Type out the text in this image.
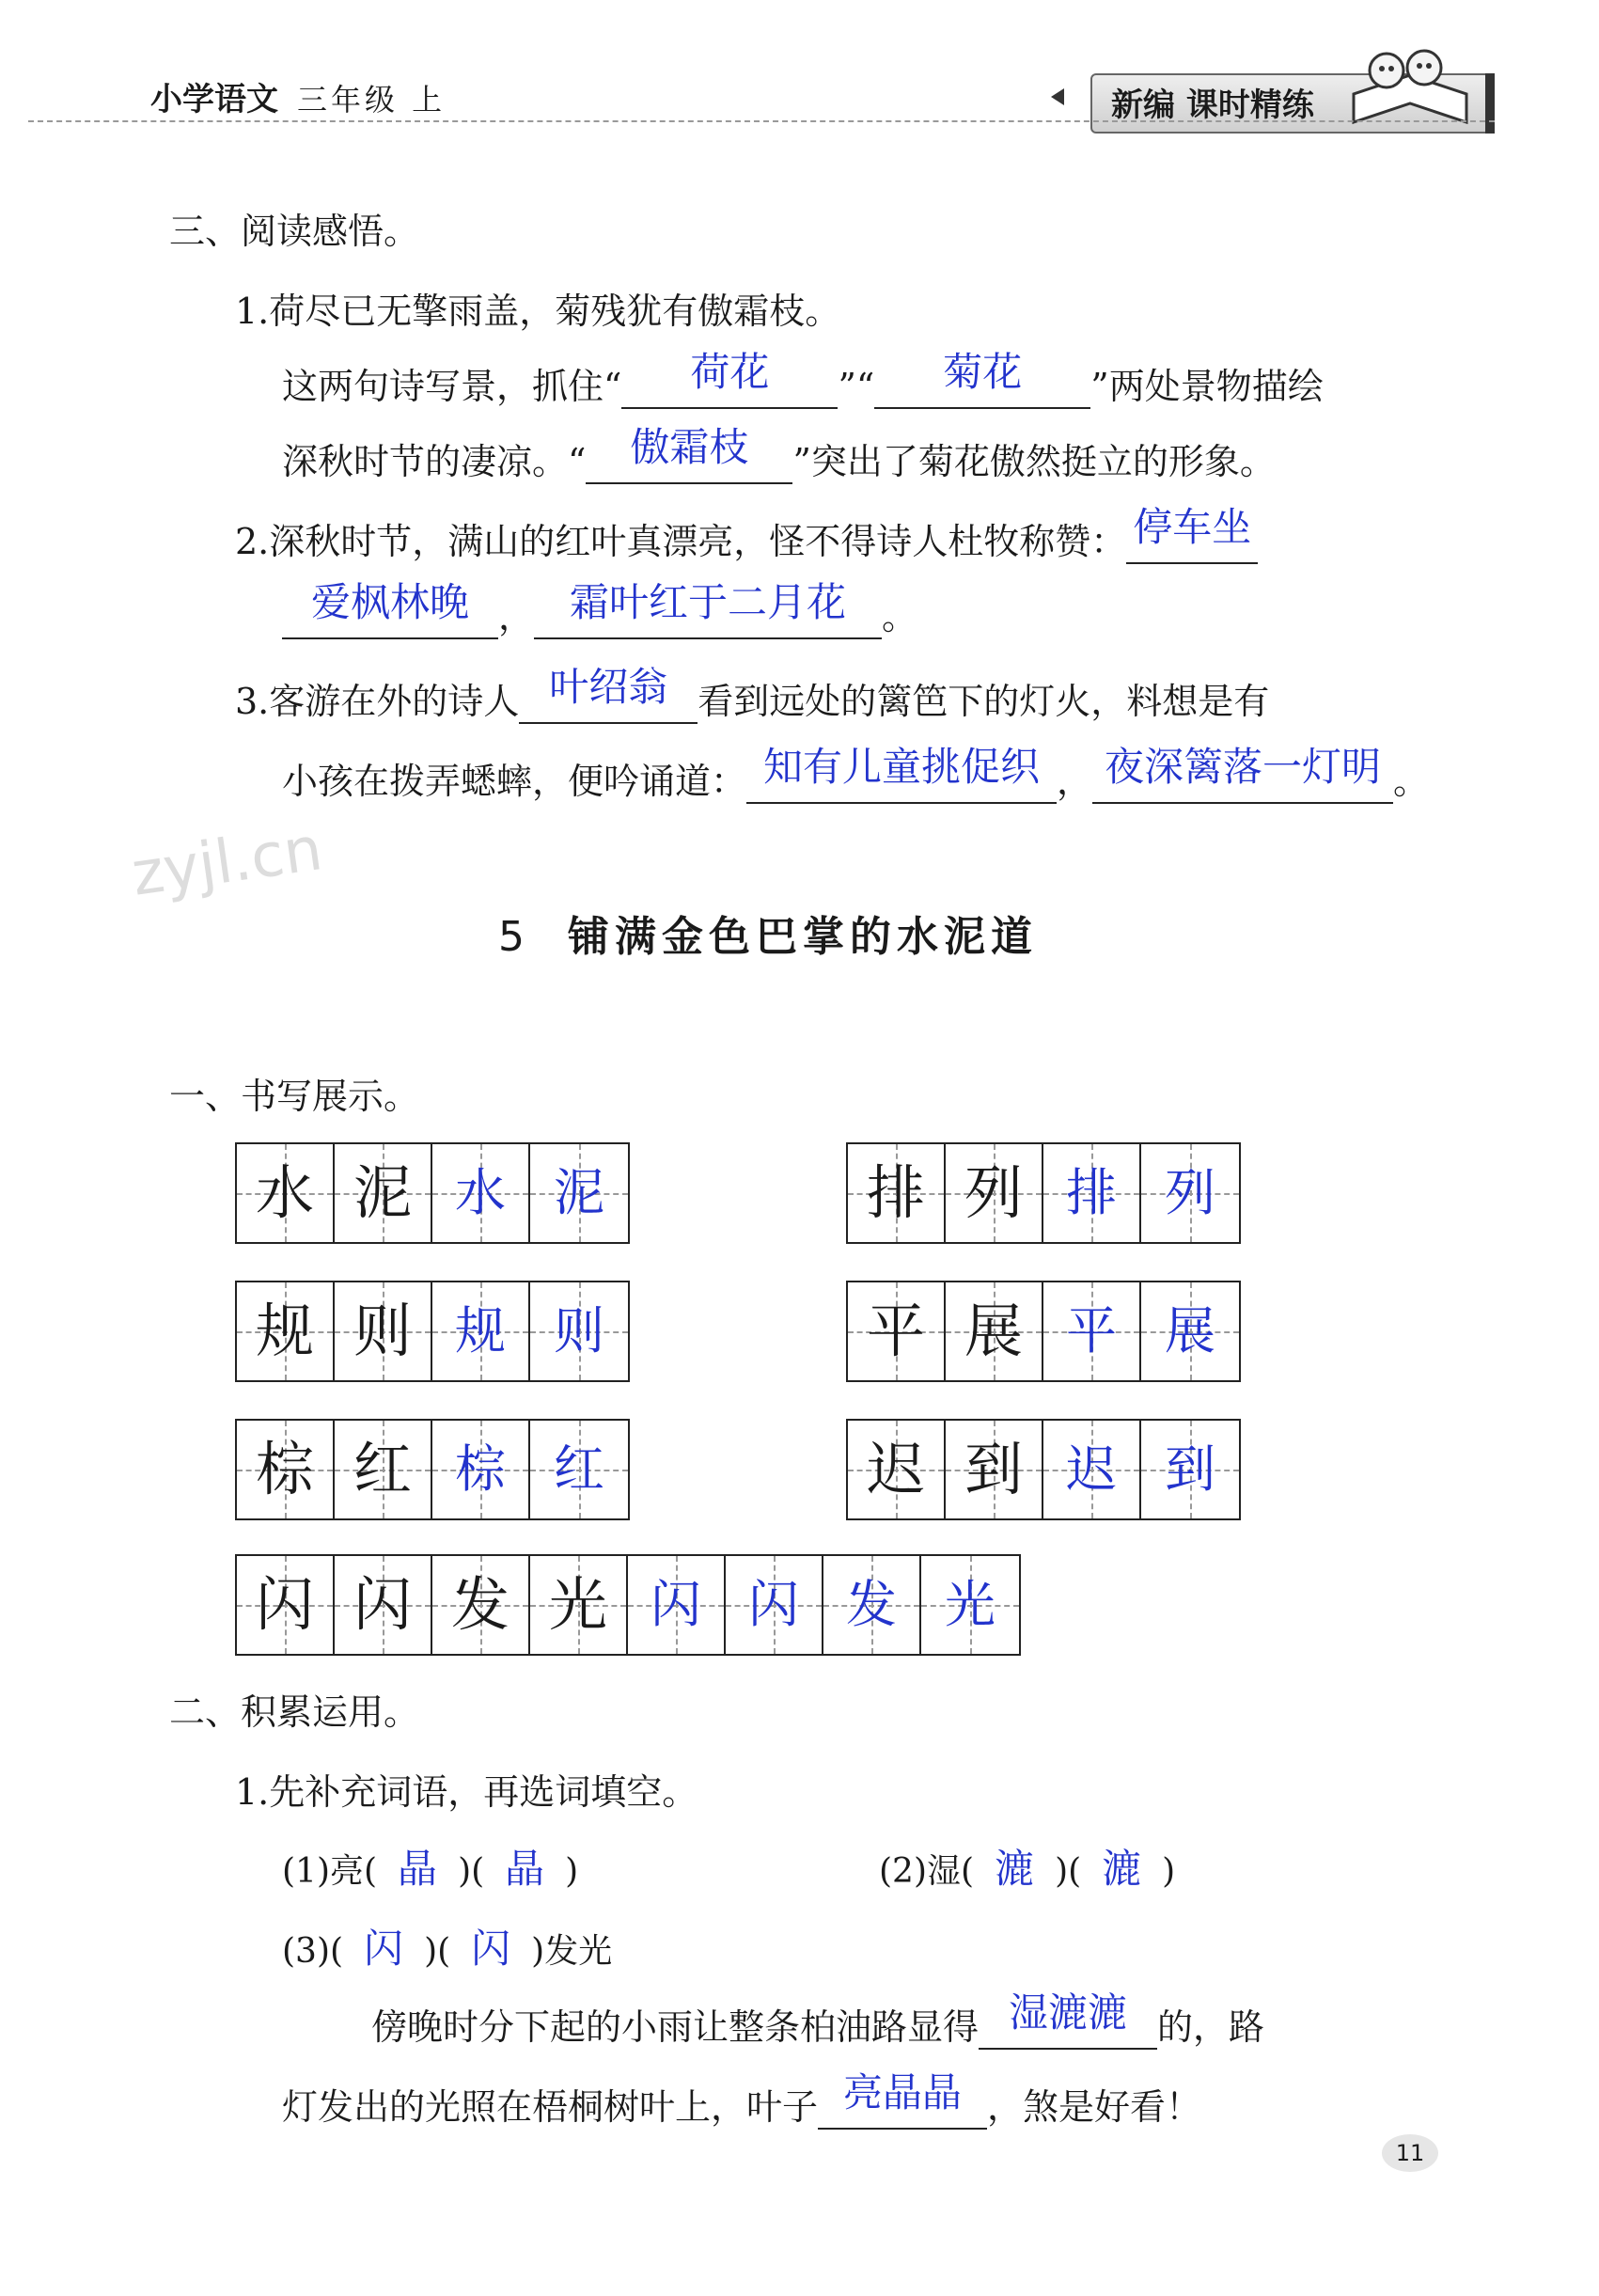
小学语文 三年级 上	新编 课时精练
三、阅读感悟。
1.荷尽已无擎雨盖，菊残犹有傲霜枝。
这两句诗写景，抓住“	荷花	”“	菊花	”两处景物描绘
深秋时节的凄凉。“	傲霜枝	”突出了菊花傲然挺立的形象。
2.深秋时节，满山的红叶真漂亮，怪不得诗人杜牧称赞： 停车坐

爱枫林晚 ， 霜叶红于二月花	。
3.客游在外的诗人 叶绍翁 看到远处的篱笆下的灯火，料想是有
小孩在拨弄蟋蟀，便吟诵道： 知有儿童挑促织 ， 夜深篱落一灯明 。
zyjl.cn
5 铺满金色巴掌的水泥道
一、书写展示。
水 泥 水 泥	排 列 排 列
规 则 规 则	平 展 平 展
棕 红 棕 红	迟 到 迟 到
闪 闪 发 光 闪 闪 发 光
二、积累运用。
1.先补充词语，再选词填空。
(1)亮( 晶 )( 晶 )	(2)湿( 漉 )( 漉 )
(3)( 闪 )( 闪 )发光
傍晚时分下起的小雨让整条柏油路显得 湿漉漉 的，路
灯发出的光照在梧桐树叶上，叶子 亮晶晶 ，煞是好看！
11
